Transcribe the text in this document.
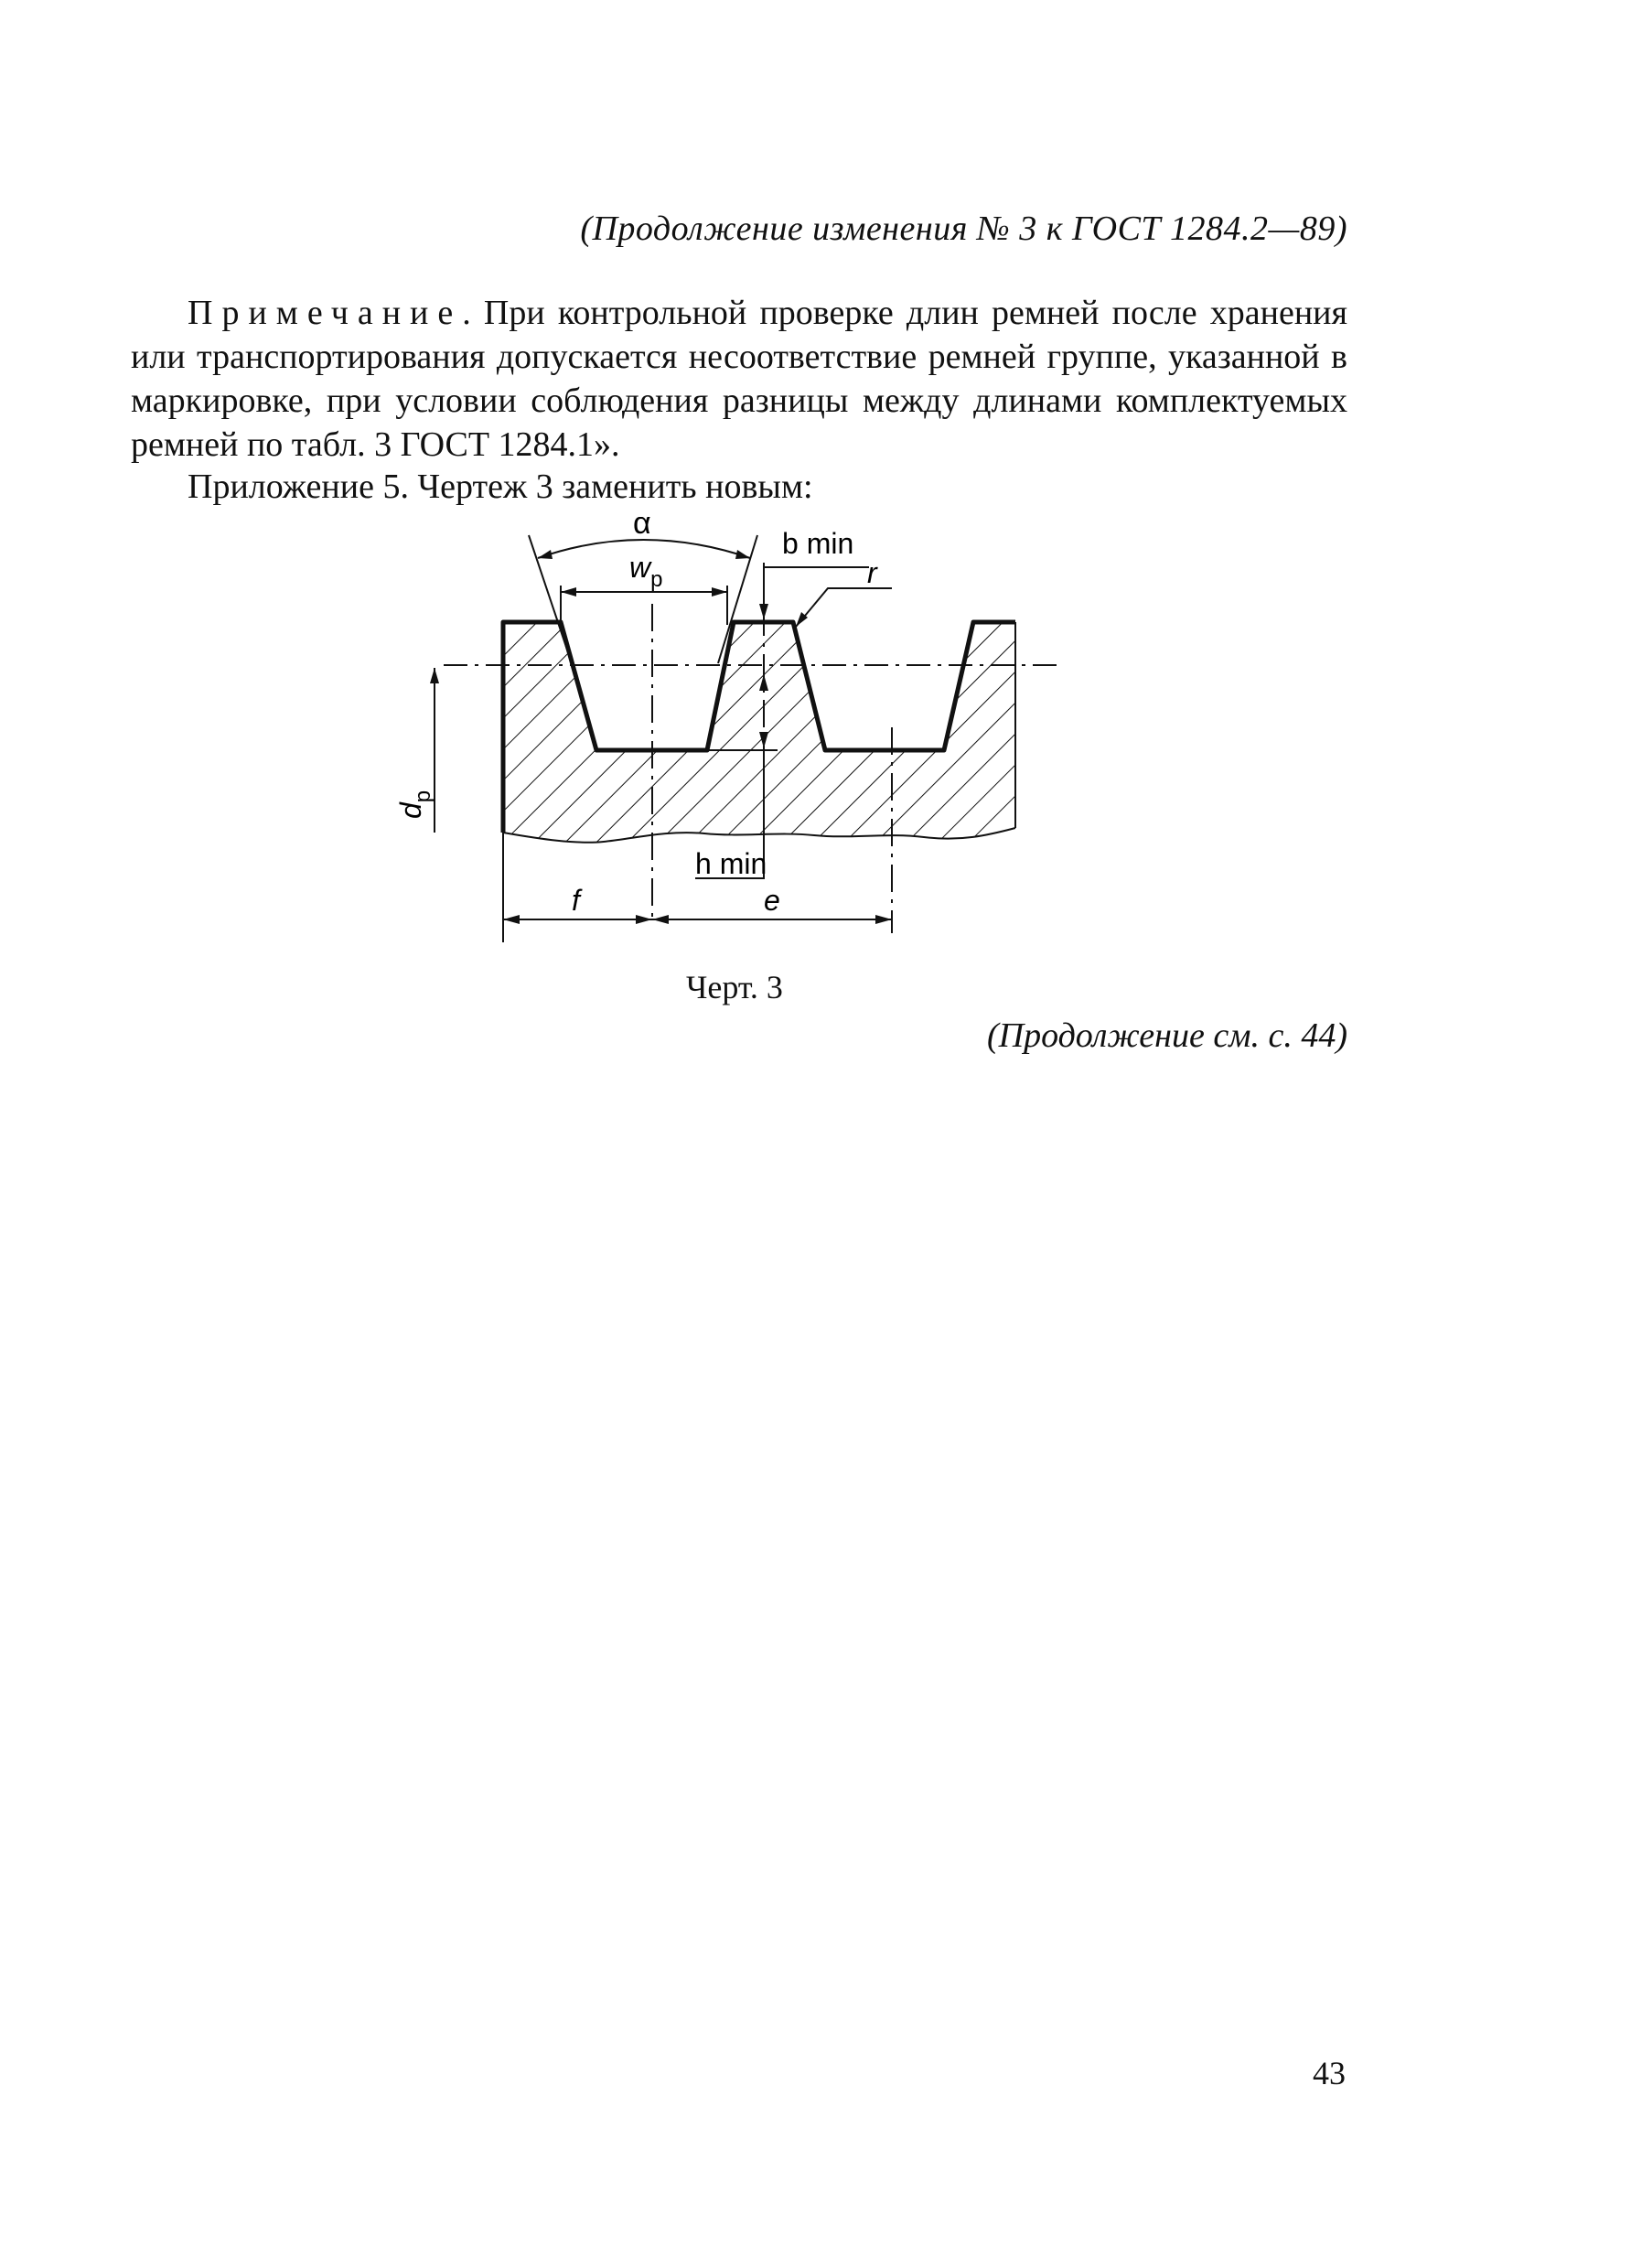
(Продолжение изменения № 3 к ГОСТ 1284.2—89)
Примечание. При контрольной проверке длин ремней после хранения или транспортирования допускается несоответствие ремней группе, указанной в маркировке, при условии соблюдения разницы между длинами комплектуемых ремней по табл. 3 ГОСТ 1284.1».
Приложение 5. Чертеж 3 заменить новым:
α
$w_p$
b min
r
h min
f	e
$d_p$
Черт. 3
(Продолжение см. с. 44)
43
